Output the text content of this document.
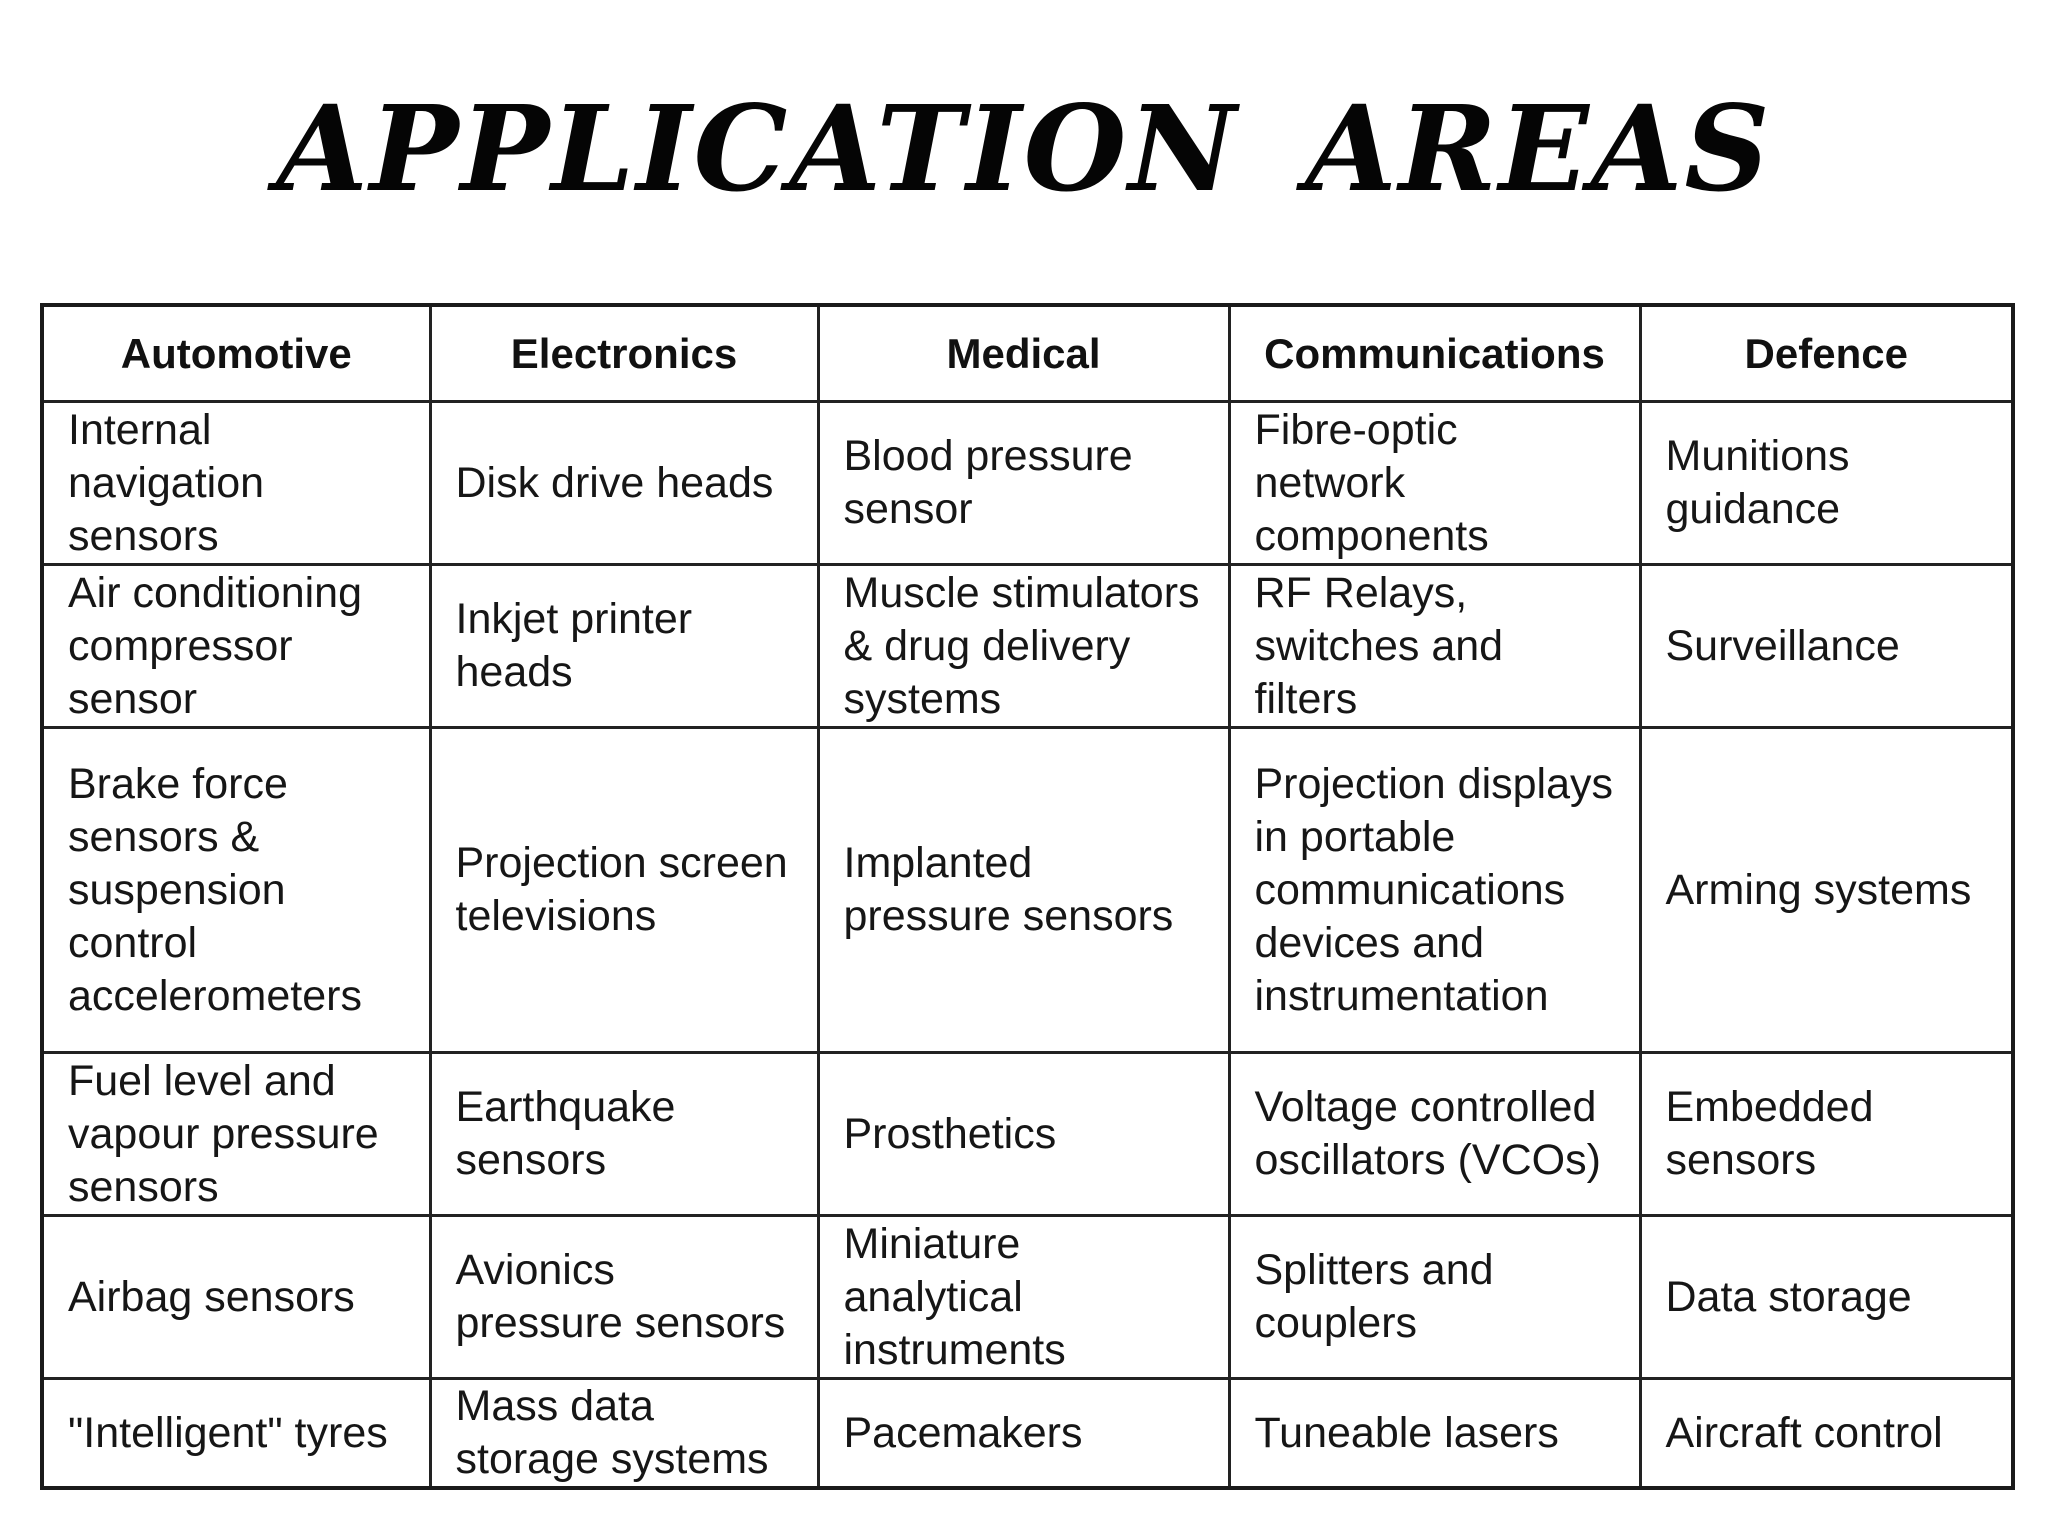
APPLICATION AREAS
Automotive	Electronics	Medical	Communications	Defence
Internal navigation sensors	Disk drive heads	Blood pressure sensor	Fibre-optic network components	Munitions guidance
Air conditioning compressor sensor	Inkjet printer heads	Muscle stimulators & drug delivery systems	RF Relays, switches and filters	Surveillance
Brake force sensors & suspension control accelerometers	Projection screen televisions	Implanted pressure sensors	Projection displays in portable communications devices and instrumentation	Arming systems
Fuel level and vapour pressure sensors	Earthquake sensors	Prosthetics	Voltage controlled oscillators (VCOs)	Embedded sensors
Airbag sensors	Avionics pressure sensors	Miniature analytical instruments	Splitters and couplers	Data storage
"Intelligent" tyres	Mass data storage systems	Pacemakers	Tuneable lasers	Aircraft control
